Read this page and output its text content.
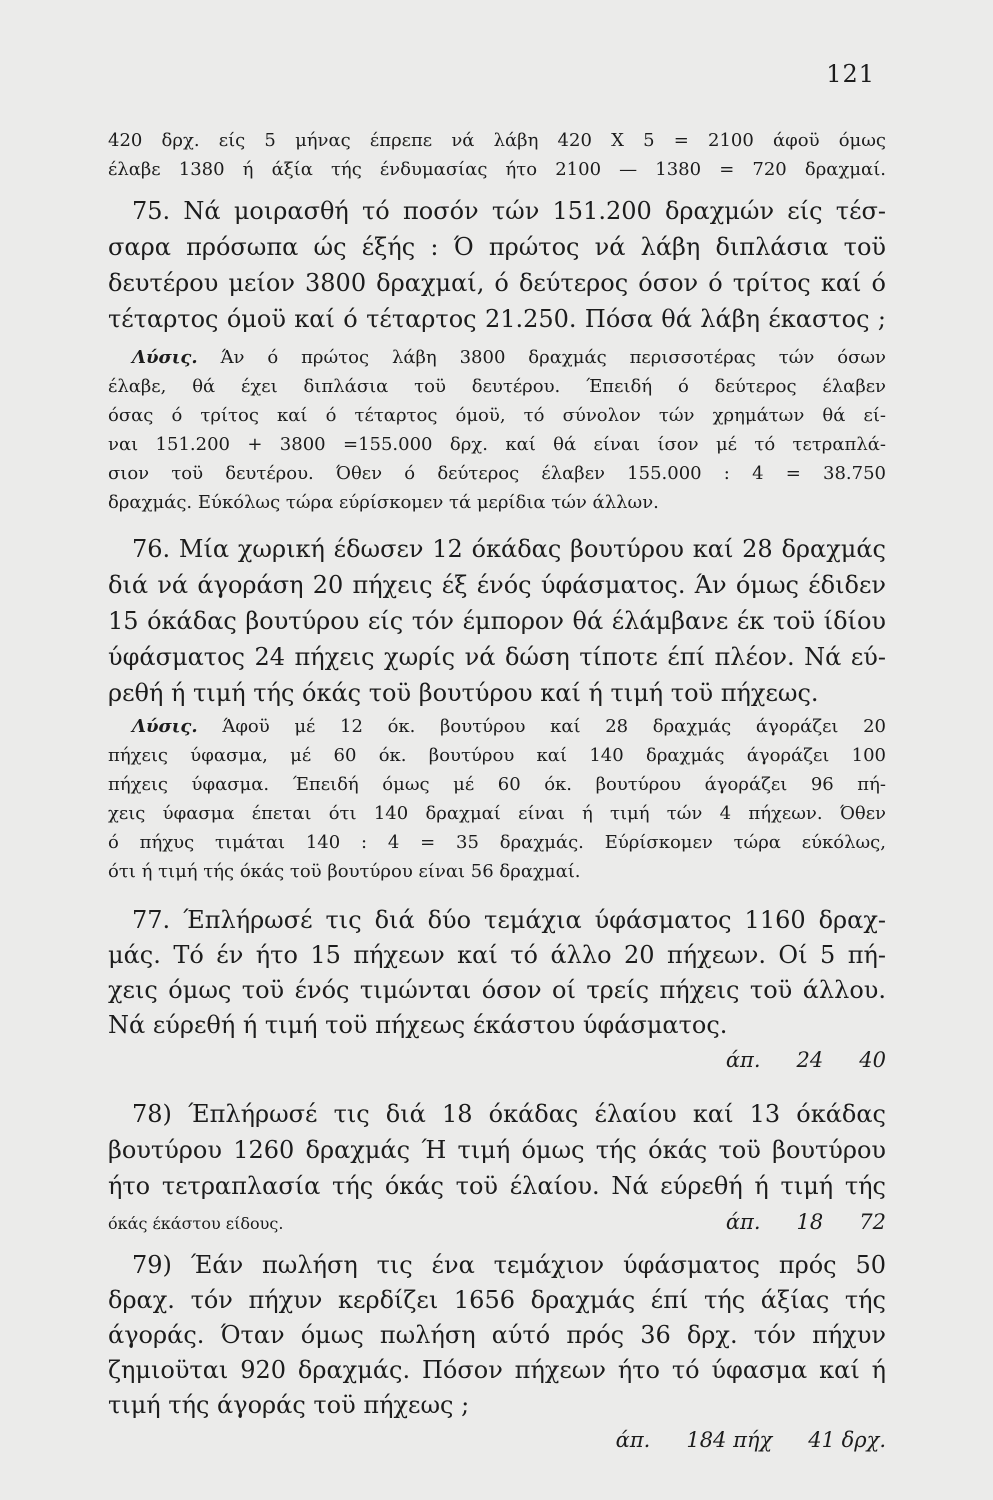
121
420 δρχ. είς 5 μήνας έπρεπε νά λάβη 420 X 5 = 2100 άφοϋ όμως
έλαβε 1380 ή άξία τής ένδυμασίας ήτο 2100 — 1380 = 720 δραχμαί.
75. Νά μοιρασθή τό ποσόν τών 151.200 δραχμών είς τέσ-
σαρα πρόσωπα ώς έξής : Ό πρώτος νά λάβη διπλάσια τοϋ
δευτέρου μείον 3800 δραχμαί, ό δεύτερος όσον ό τρίτος καί ό
τέταρτος όμοϋ καί ό τέταρτος 21.250. Πόσα θά λάβη έκαστος ;
Λύσις. Άν ό πρώτος λάβη 3800 δραχμάς περισσοτέρας τών όσων
έλαβε, θά έχει διπλάσια τοϋ δευτέρου. Έπειδή ό δεύτερος έλαβεν
όσας ό τρίτος καί ό τέταρτος όμοϋ, τό σύνολον τών χρημάτων θά εί-
ναι 151.200 + 3800 =155.000 δρχ. καί θά είναι ίσον μέ τό τετραπλά-
σιον τοϋ δευτέρου. Όθεν ό δεύτερος έλαβεν 155.000 : 4 = 38.750
δραχμάς. Εύκόλως τώρα εύρίσκομεν τά μερίδια τών άλλων.
76. Μία χωρική έδωσεν 12 όκάδας βουτύρου καί 28 δραχμάς
διά νά άγοράση 20 πήχεις έξ ένός ύφάσματος. Άν όμως έδιδεν
15 όκάδας βουτύρου είς τόν έμπορον θά έλάμβανε έκ τοϋ ίδίου
ύφάσματος 24 πήχεις χωρίς νά δώση τίποτε έπί πλέον. Νά εύ-
ρεθή ή τιμή τής όκάς τοϋ βουτύρου καί ή τιμή τοϋ πήχεως.
Λύσις. Άφοϋ μέ 12 όκ. βουτύρου καί 28 δραχμάς άγοράζει 20
πήχεις ύφασμα, μέ 60 όκ. βουτύρου καί 140 δραχμάς άγοράζει 100
πήχεις ύφασμα. Έπειδή όμως μέ 60 όκ. βουτύρου άγοράζει 96 πή-
χεις ύφασμα έπεται ότι 140 δραχμαί είναι ή τιμή τών 4 πήχεων. Όθεν
ό πήχυς τιμάται 140 : 4 = 35 δραχμάς. Εύρίσκομεν τώρα εύκόλως,
ότι ή τιμή τής όκάς τοϋ βουτύρου είναι 56 δραχμαί.
77. Έπλήρωσέ τις διά δύο τεμάχια ύφάσματος 1160 δραχ-
μάς. Τό έν ήτο 15 πήχεων καί τό άλλο 20 πήχεων. Οί 5 πή-
χεις όμως τοϋ ένός τιμώνται όσον οί τρείς πήχεις τοϋ άλλου.
Νά εύρεθή ή τιμή τοϋ πήχεως έκάστου ύφάσματος.
άπ. 24 40
78) Έπλήρωσέ τις διά 18 όκάδας έλαίου καί 13 όκάδας
βουτύρου 1260 δραχμάς Ή τιμή όμως τής όκάς τοϋ βουτύρου
ήτο τετραπλασία τής όκάς τοϋ έλαίου. Νά εύρεθή ή τιμή τής
όκάς έκάστου είδους.	άπ. 18 72
79) Έάν πωλήση τις ένα τεμάχιον ύφάσματος πρός 50
δραχ. τόν πήχυν κερδίζει 1656 δραχμάς έπί τής άξίας τής
άγοράς. Όταν όμως πωλήση αύτό πρός 36 δρχ. τόν πήχυν
ζημιοϋται 920 δραχμάς. Πόσον πήχεων ήτο τό ύφασμα καί ή
τιμή τής άγοράς τοϋ πήχεως ;
άπ. 184 πήχ 41 δρχ.
